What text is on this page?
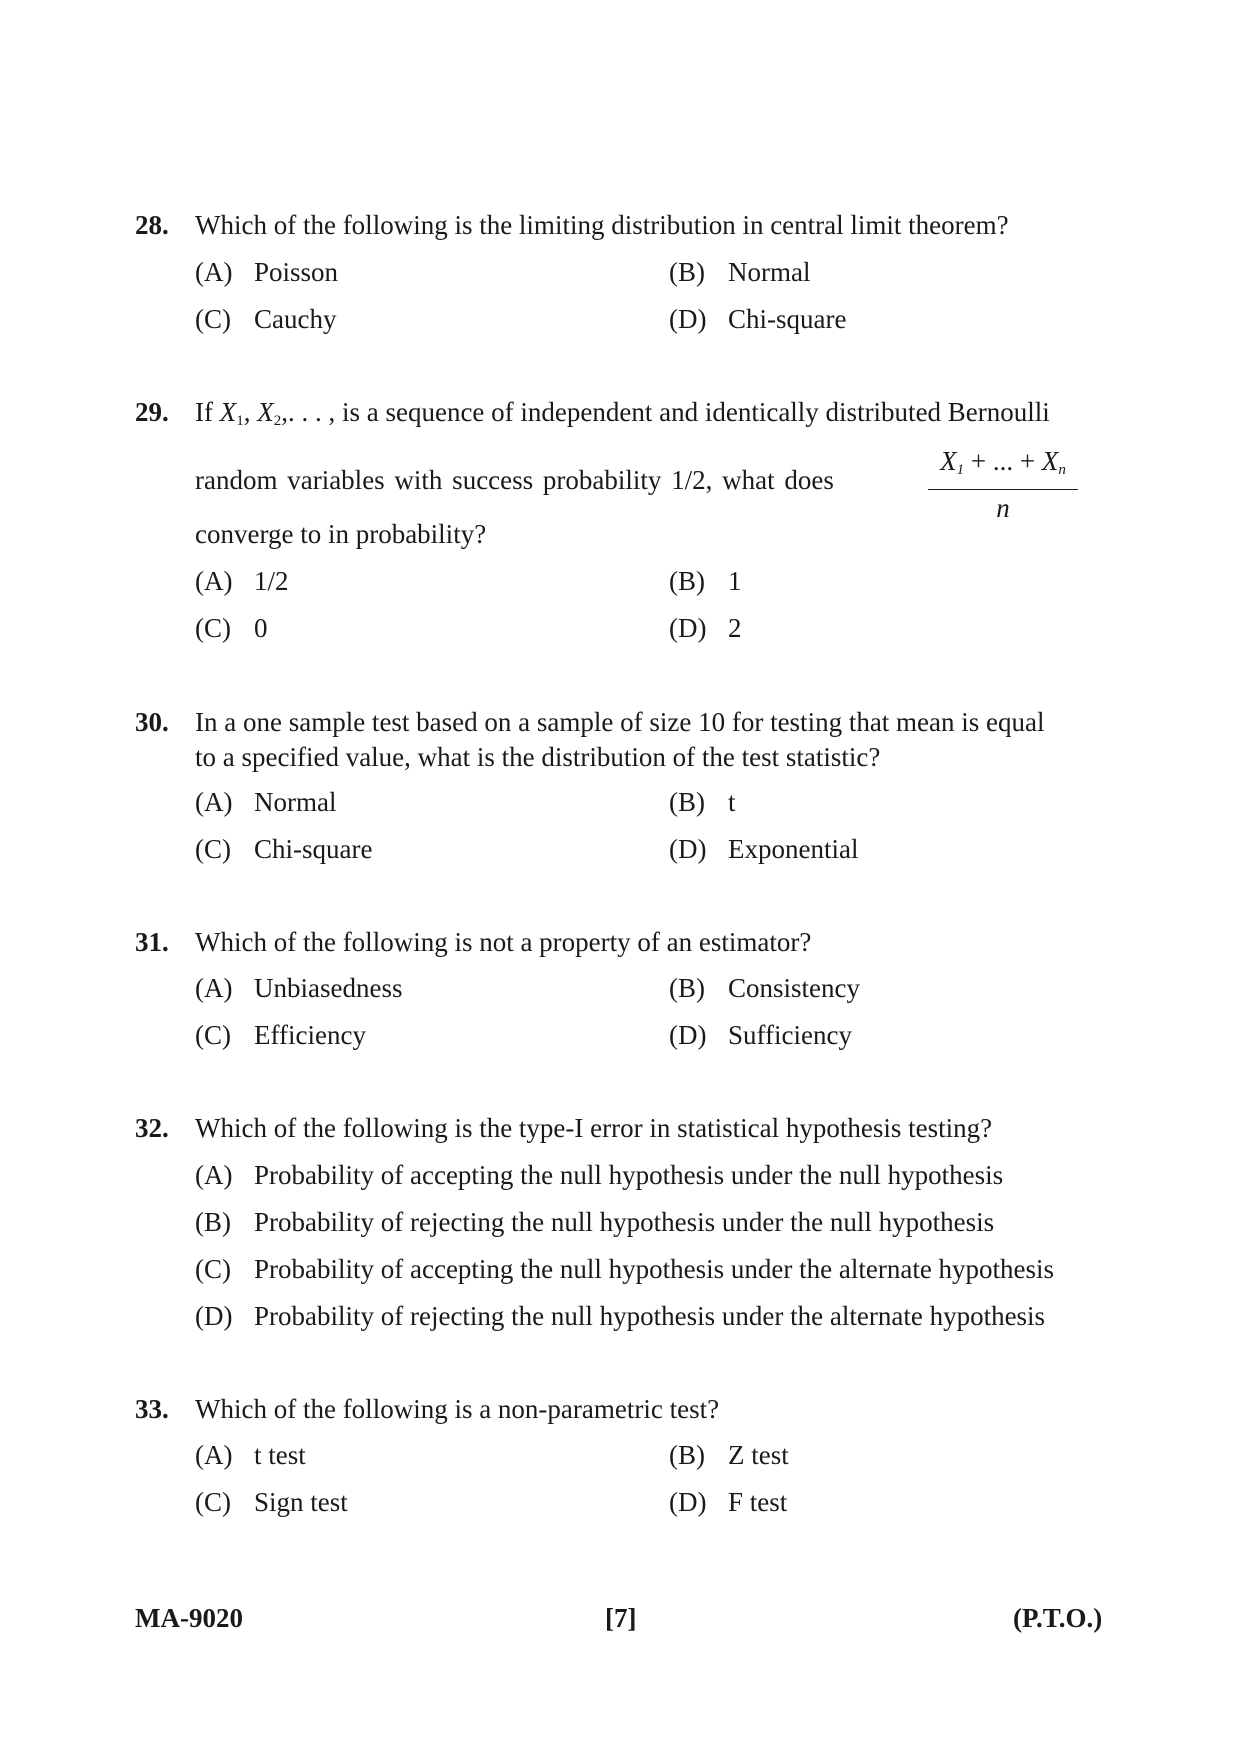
28. Which of the following is the limiting distribution in central limit theorem?
(A) Poisson	(B) Normal
(C) Cauchy	(D) Chi-square
29. If $X_1$, $X_2$,. . . , is a sequence of independent and identically distributed Bernoulli
random variables with success probability 1/2, what does	$\frac{X_1 + ... + X_n}{n}$
converge to in probability?
(A) 1/2	(B) 1
(C) 0	(D) 2
30. In a one sample test based on a sample of size 10 for testing that mean is equal
to a specified value, what is the distribution of the test statistic?
(A) Normal	(B) t
(C) Chi-square	(D) Exponential
31. Which of the following is not a property of an estimator?
(A) Unbiasedness	(B) Consistency
(C) Efficiency	(D) Sufficiency
32. Which of the following is the type-I error in statistical hypothesis testing?
(A) Probability of accepting the null hypothesis under the null hypothesis
(B) Probability of rejecting the null hypothesis under the null hypothesis
(C) Probability of accepting the null hypothesis under the alternate hypothesis
(D) Probability of rejecting the null hypothesis under the alternate hypothesis
33. Which of the following is a non-parametric test?
(A) t test	(B) Z test
(C) Sign test	(D) F test
MA-9020	[7]	(P.T.O.)
